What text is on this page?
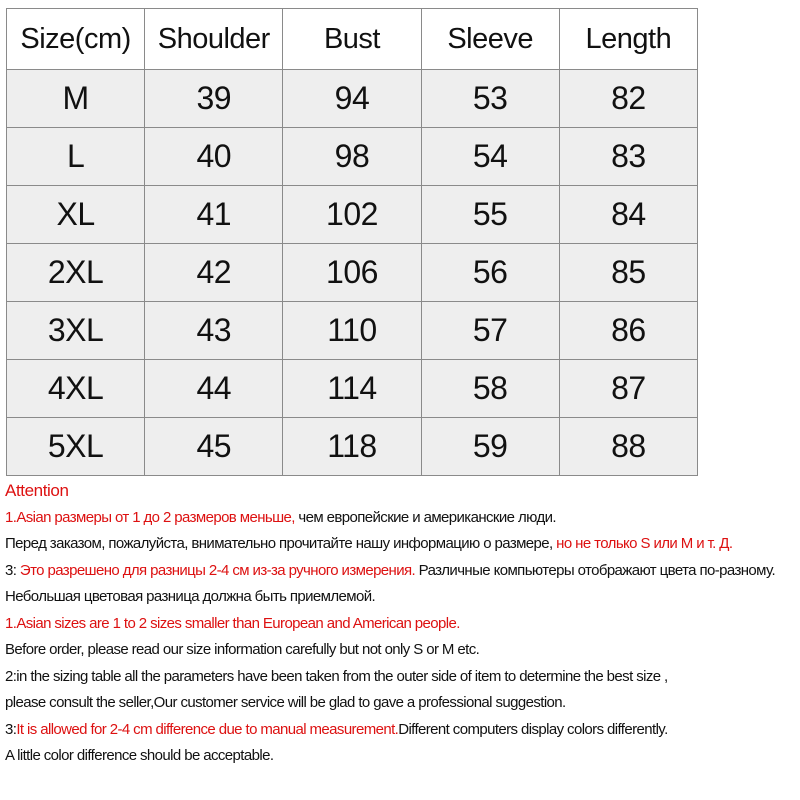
Size(cm)	Shoulder	Bust	Sleeve	Length
M	39	94	53	82
L	40	98	54	83
XL	41	102	55	84
2XL	42	106	56	85
3XL	43	110	57	86
4XL	44	114	58	87
5XL	45	118	59	88
Attention
1.Asian размеры от 1 до 2 размеров меньше, чем европейские и американские люди.
Перед заказом, пожалуйста, внимательно прочитайте нашу информацию о размере, но не только S или M и т. Д.
3: Это разрешено для разницы 2-4 см из-за ручного измерения. Различные компьютеры отображают цвета по-разному.
Небольшая цветовая разница должна быть приемлемой.
1.Asian sizes are 1 to 2 sizes smaller than European and American people.
Before order, please read our size information carefully but not only S or M etc.
2:in the sizing table all the parameters have been taken from the outer side of item to determine the best size ,
please consult the seller,Our customer service will be glad to gave a professional suggestion.
3:It is allowed for 2-4 cm difference due to manual measurement.Different computers display colors differently.
A little color difference should be acceptable.
